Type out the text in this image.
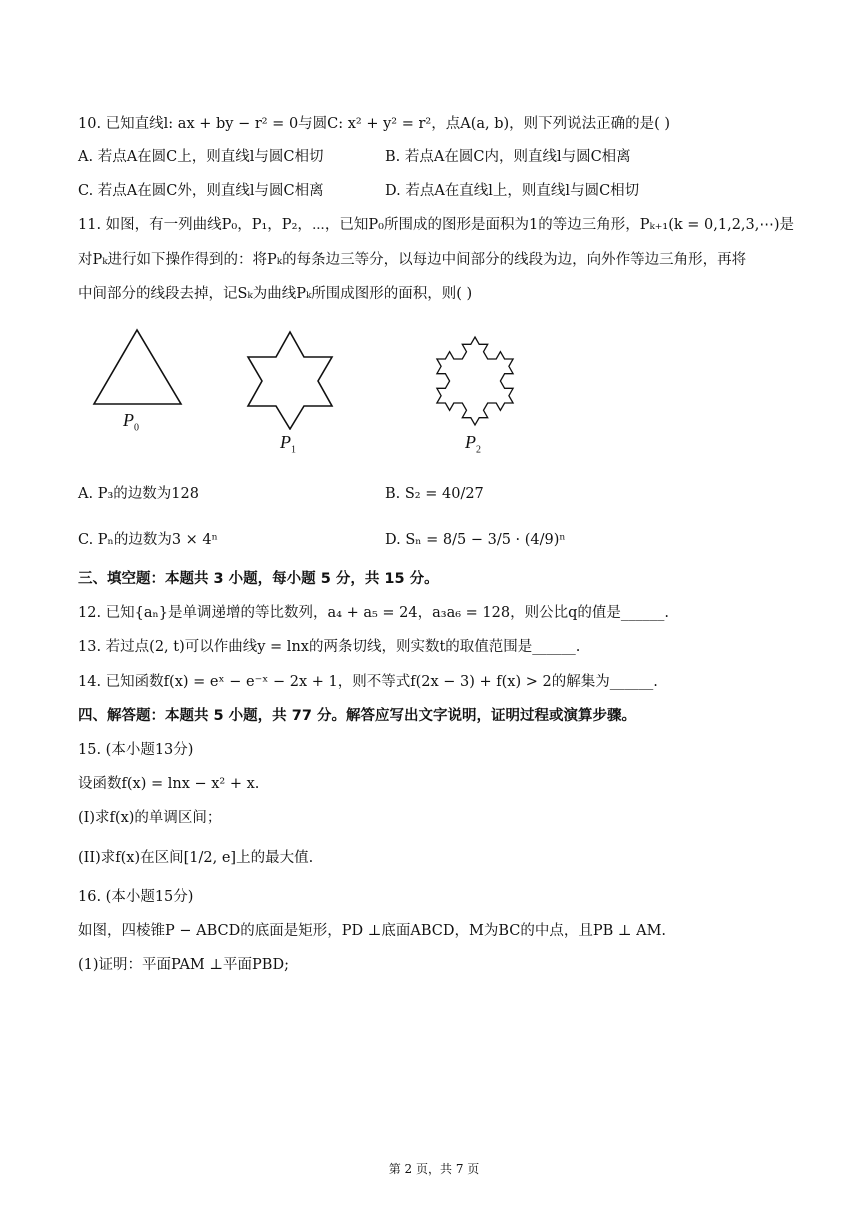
10. 已知直线l: ax + by − r² = 0与圆C: x² + y² = r²，点A(a, b)，则下列说法正确的是( )
A. 若点A在圆C上，则直线l与圆C相切	B. 若点A在圆C内，则直线l与圆C相离
C. 若点A在圆C外，则直线l与圆C相离	D. 若点A在直线l上，则直线l与圆C相切
11. 如图，有一列曲线P₀，P₁，P₂，⋯，已知P₀所围成的图形是面积为1的等边三角形，Pₖ₊₁(k = 0,1,2,3,⋯)是
对Pₖ进行如下操作得到的：将Pₖ的每条边三等分，以每边中间部分的线段为边，向外作等边三角形，再将
中间部分的线段去掉，记Sₖ为曲线Pₖ所围成图形的面积，则( )
$P_0$
$P_1$	$P_2$
A. P₃的边数为128	B. S₂ = 40/27
C. Pₙ的边数为3 × 4ⁿ	D. Sₙ = 8/5 − 3/5 · (4/9)ⁿ
三、填空题：本题共 3 小题，每小题 5 分，共 15 分。
12. 已知{aₙ}是单调递增的等比数列，a₄ + a₅ = 24，a₃a₆ = 128，则公比q的值是______.
13. 若过点(2, t)可以作曲线y = lnx的两条切线，则实数t的取值范围是______.
14. 已知函数f(x) = eˣ − e⁻ˣ − 2x + 1，则不等式f(2x − 3) + f(x) > 2的解集为______.
四、解答题：本题共 5 小题，共 77 分。解答应写出文字说明，证明过程或演算步骤。
15. (本小题13分)
设函数f(x) = lnx − x² + x.
(I)求f(x)的单调区间；
(II)求f(x)在区间[1/2, e]上的最大值.
16. (本小题15分)
如图，四棱锥P − ABCD的底面是矩形，PD ⊥底面ABCD，M为BC的中点，且PB ⊥ AM.
(1)证明：平面PAM ⊥平面PBD;
第 2 页，共 7 页
